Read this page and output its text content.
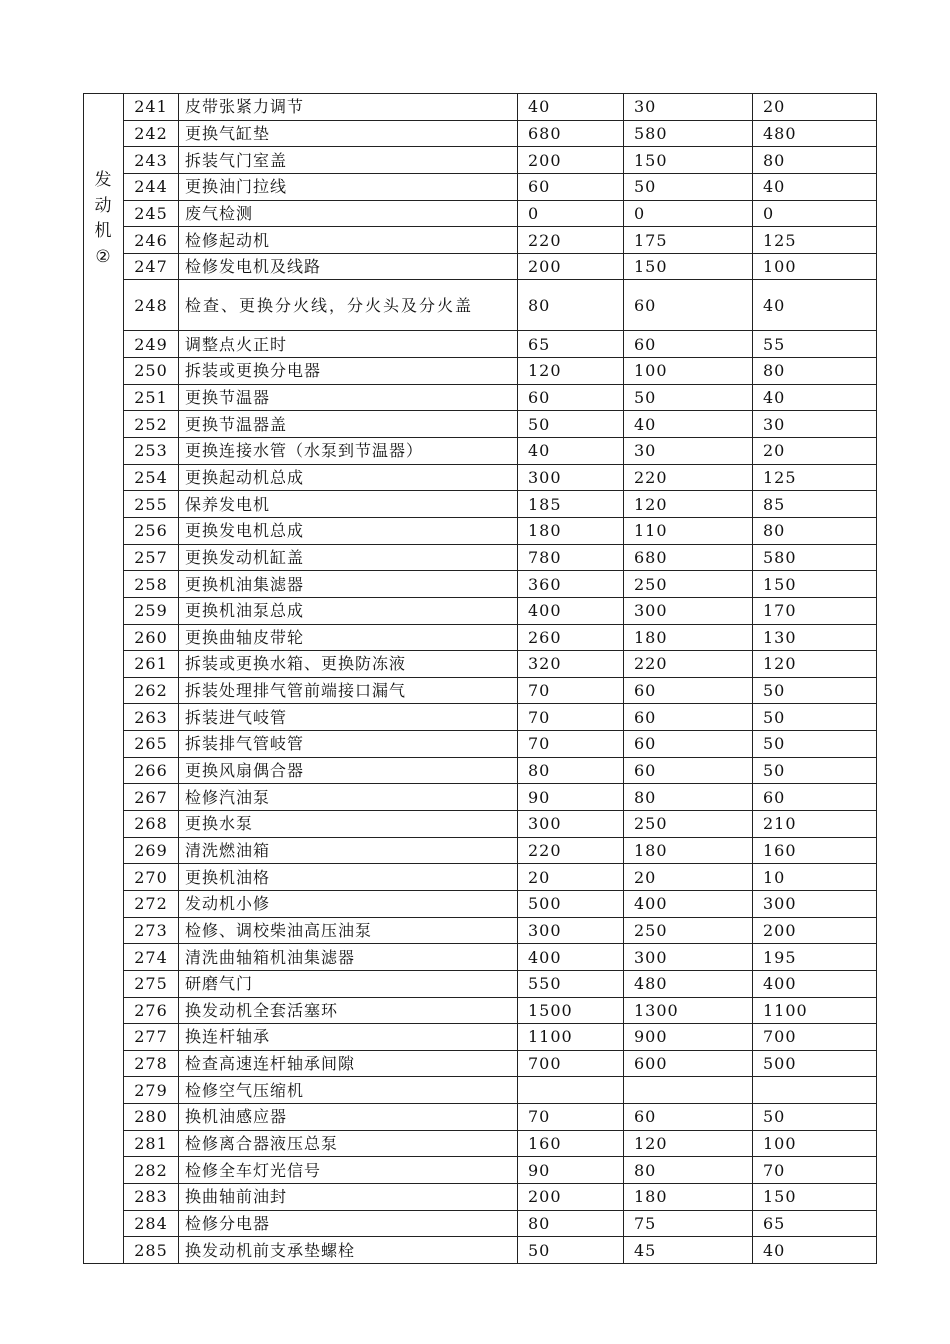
发
动
机
②	241	皮带张紧力调节	40	30	20
	242	更换气缸垫	680	580	480
	243	拆装气门室盖	200	150	80
	244	更换油门拉线	60	50	40
	245	废气检测	0	0	0
	246	检修起动机	220	175	125
	247	检修发电机及线路	200	150	100
	248	检查、更换分火线，分火头及分火盖	80	60	40
	249	调整点火正时	65	60	55
	250	拆装或更换分电器	120	100	80
	251	更换节温器	60	50	40
	252	更换节温器盖	50	40	30
	253	更换连接水管（水泵到节温器）	40	30	20
	254	更换起动机总成	300	220	125
	255	保养发电机	185	120	85
	256	更换发电机总成	180	110	80
	257	更换发动机缸盖	780	680	580
	258	更换机油集滤器	360	250	150
	259	更换机油泵总成	400	300	170
	260	更换曲轴皮带轮	260	180	130
	261	拆装或更换水箱、更换防冻液	320	220	120
	262	拆装处理排气管前端接口漏气	70	60	50
	263	拆装进气岐管	70	60	50
	265	拆装排气管岐管	70	60	50
	266	更换风扇偶合器	80	60	50
	267	检修汽油泵	90	80	60
	268	更换水泵	300	250	210
	269	清洗燃油箱	220	180	160
	270	更换机油格	20	20	10
	272	发动机小修	500	400	300
	273	检修、调校柴油高压油泵	300	250	200
	274	清洗曲轴箱机油集滤器	400	300	195
	275	研磨气门	550	480	400
	276	换发动机全套活塞环	1500	1300	1100
	277	换连杆轴承	1100	900	700
	278	检查高速连杆轴承间隙	700	600	500
	279	检修空气压缩机			
	280	换机油感应器	70	60	50
	281	检修离合器液压总泵	160	120	100
	282	检修全车灯光信号	90	80	70
	283	换曲轴前油封	200	180	150
	284	检修分电器	80	75	65
	285	换发动机前支承垫螺栓	50	45	40
